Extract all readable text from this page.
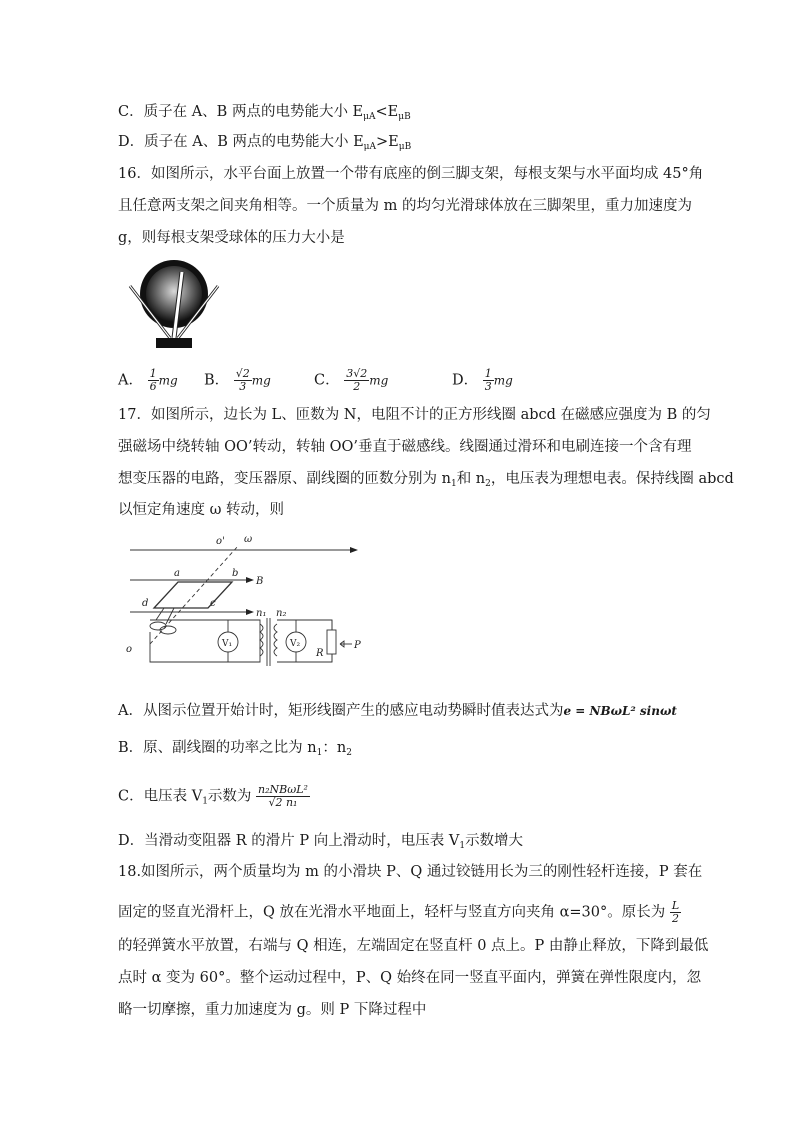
C．质子在 A、B 两点的电势能大小 $E_{\mu A}<E_{\mu B}$
D．质子在 A、B 两点的电势能大小 $E_{\mu A}>E_{\mu B}$
16．如图所示，水平台面上放置一个带有底座的倒三脚支架，每根支架与水平面均成 45°角
且任意两支架之间夹角相等。一个质量为 m 的均匀光滑球体放在三脚架里，重力加速度为
g，则每根支架受球体的压力大小是
A． $\frac{1}{6}$ mg B． $\frac{√2}{3}$ mg	C． $\frac{3√2}{2}$ mg	D． $\frac{1}{3}$ mg
17．如图所示，边长为 L、匝数为 N，电阻不计的正方形线圈 abcd 在磁感应强度为 B 的匀
强磁场中绕转轴 OO’转动，转轴 OO’垂直于磁感线。线圈通过滑环和电刷连接一个含有理
想变压器的电路，变压器原、副线圈的匝数分别为 $n_1$和 $n_2$，电压表为理想电表。保持线圈 abcd
以恒定角速度 ω 转动，则
o' ω
a	b
B
d	c
n₁ n₂
V₁	V₂
R
P
o
A．从图示位置开始计时，矩形线圈产生的感应电动势瞬时值表达式为e = NBωL² sinωt
B．原、副线圈的功率之比为 $n_1$：$n_2$
C．电压表 $V_1$示数为 $\frac{\text{n₂NBωL²}}{\text{√2 n₁}}$
D．当滑动变阻器 R 的滑片 P 向上滑动时，电压表 $V_1$示数增大
18.如图所示，两个质量均为 m 的小滑块 P、Q 通过铰链用长为三的刚性轻杆连接，P 套在
固定的竖直光滑杆上，Q 放在光滑水平地面上，轻杆与竖直方向夹角 α=30°。原长为 $\frac{L}{2}$
的轻弹簧水平放置，右端与 Q 相连，左端固定在竖直杆 0 点上。P 由静止释放，下降到最低
点时 α 变为 60°。整个运动过程中，P、Q 始终在同一竖直平面内，弹簧在弹性限度内，忽
略一切摩擦，重力加速度为 g。则 P 下降过程中
